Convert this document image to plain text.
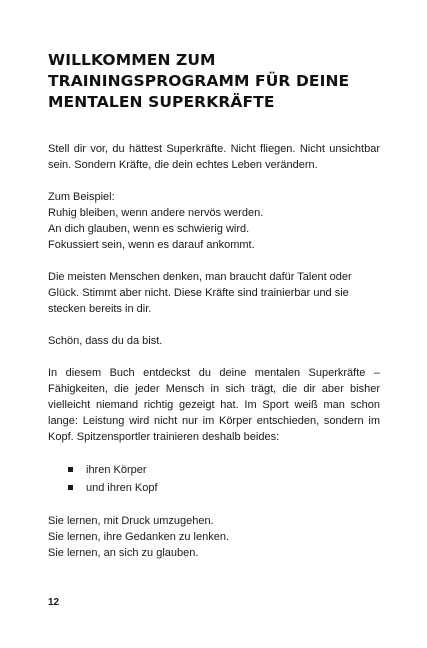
WILLKOMMEN ZUM
TRAININGSPROGRAMM FÜR DEINE
MENTALEN SUPERKRÄFTE

Stell dir vor, du hättest Superkräfte. Nicht fliegen. Nicht unsichtbar sein. Sondern Kräfte, die dein echtes Leben verändern.

Zum Beispiel:
Ruhig bleiben, wenn andere nervös werden.
An dich glauben, wenn es schwierig wird.
Fokussiert sein, wenn es darauf ankommt.

Die meisten Menschen denken, man braucht dafür Talent oder Glück. Stimmt aber nicht. Diese Kräfte sind trainierbar und sie stecken bereits in dir.

Schön, dass du da bist.

In diesem Buch entdeckst du deine mentalen Superkräfte – Fähigkeiten, die jeder Mensch in sich trägt, die dir aber bisher vielleicht niemand richtig gezeigt hat. Im Sport weiß man schon lange: Leistung wird nicht nur im Körper entschieden, sondern im Kopf. Spitzensportler trainieren deshalb beides:

ihren Körper
und ihren Kopf

Sie lernen, mit Druck umzugehen.
Sie lernen, ihre Gedanken zu lenken.
Sie lernen, an sich zu glauben.

12
